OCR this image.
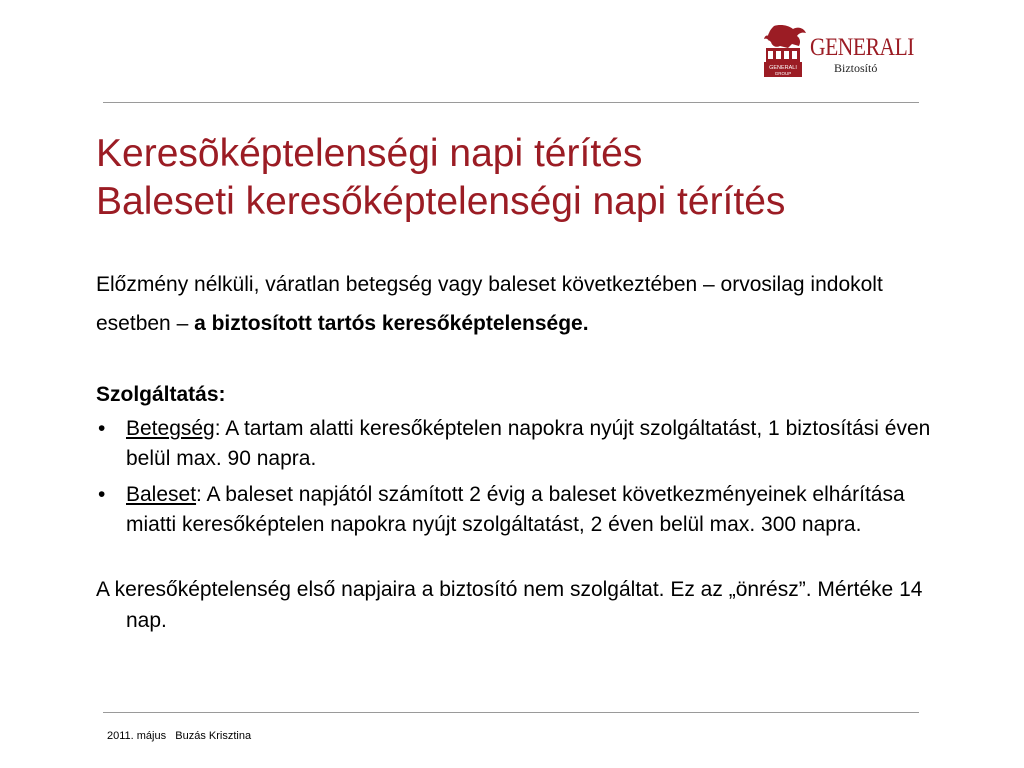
GENERALI
GROUP
GENERALI
Biztosító
Keresõképtelenségi napi térítés
Baleseti keresőképtelenségi napi térítés

Előzmény nélküli, váratlan betegség vagy baleset következtében – orvosilag indokolt esetben – a biztosított tartós keresőképtelensége.

Szolgáltatás:

• Betegség: A tartam alatti keresőképtelen napokra nyújt szolgáltatást, 1 biztosítási éven belül max. 90 napra.
• Baleset: A baleset napjától számított 2 évig a baleset következményeinek elhárítása miatti keresőképtelen napokra nyújt szolgáltatást, 2 éven belül max. 300 napra.

A keresőképtelenség első napjaira a biztosító nem szolgáltat. Ez az „önrész”. Mértéke 14 nap.

2011. május Buzás Krisztina
